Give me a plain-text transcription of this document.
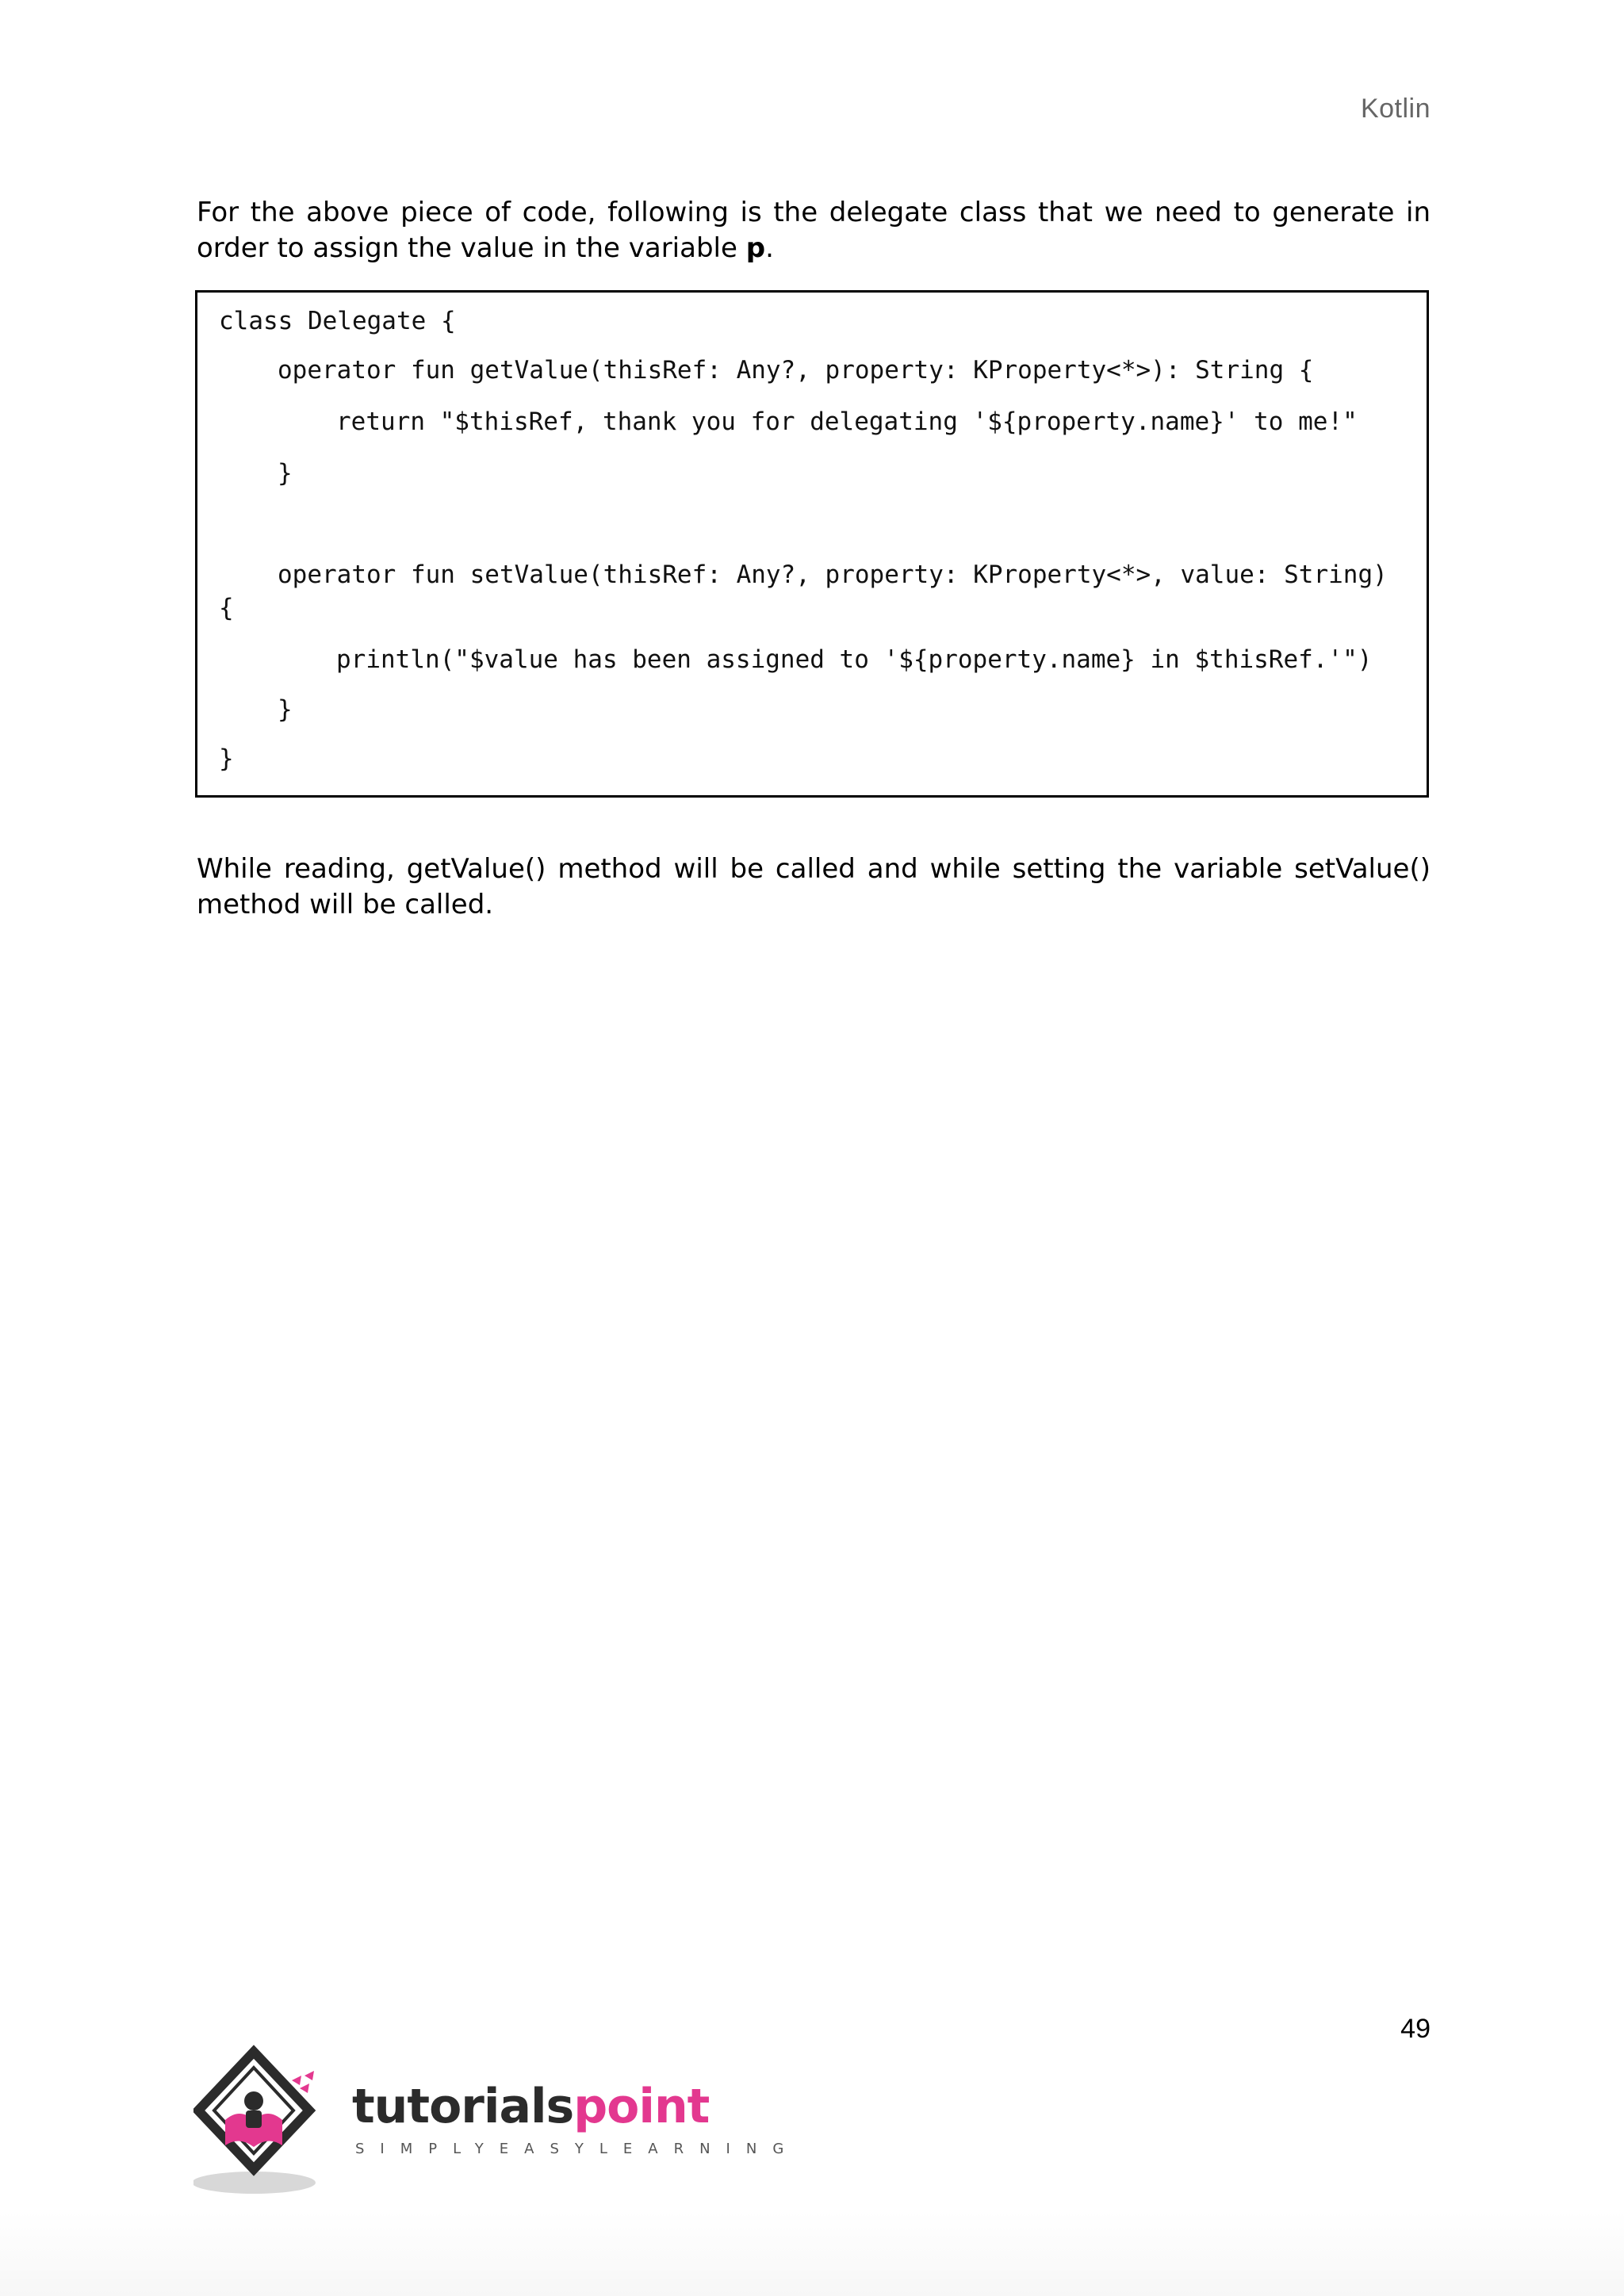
Kotlin

For the above piece of code, following is the delegate class that we need to generate in order to assign the value in the variable p.

class Delegate {
operator fun getValue(thisRef: Any?, property: KProperty<*>): String {
return "$thisRef, thank you for delegating '${property.name}' to me!"
}
operator fun setValue(thisRef: Any?, property: KProperty<*>, value: String)
{
println("$value has been assigned to '${property.name} in $thisRef.'")
}
}

While reading, getValue() method will be called and while setting the variable setValue() method will be called.

49
tutorialspoint
SIMPLYEASYLEARNING
